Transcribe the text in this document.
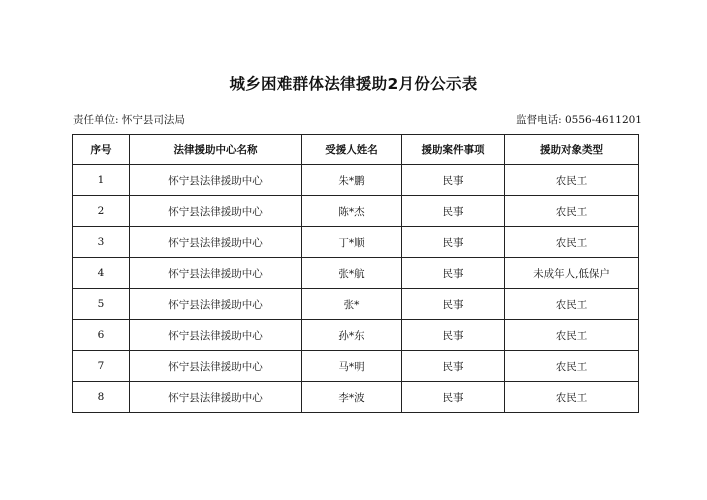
城乡困难群体法律援助2月份公示表
责任单位: 怀宁县司法局	监督电话: 0556-4611201
序号	法律援助中心名称	受援人姓名	援助案件事项	援助对象类型
1	怀宁县法律援助中心	朱*鹏	民事	农民工
2	怀宁县法律援助中心	陈*杰	民事	农民工
3	怀宁县法律援助中心	丁*顺	民事	农民工
4	怀宁县法律援助中心	张*航	民事	未成年人,低保户
5	怀宁县法律援助中心	张*	民事	农民工
6	怀宁县法律援助中心	孙*东	民事	农民工
7	怀宁县法律援助中心	马*明	民事	农民工
8	怀宁县法律援助中心	李*波	民事	农民工
